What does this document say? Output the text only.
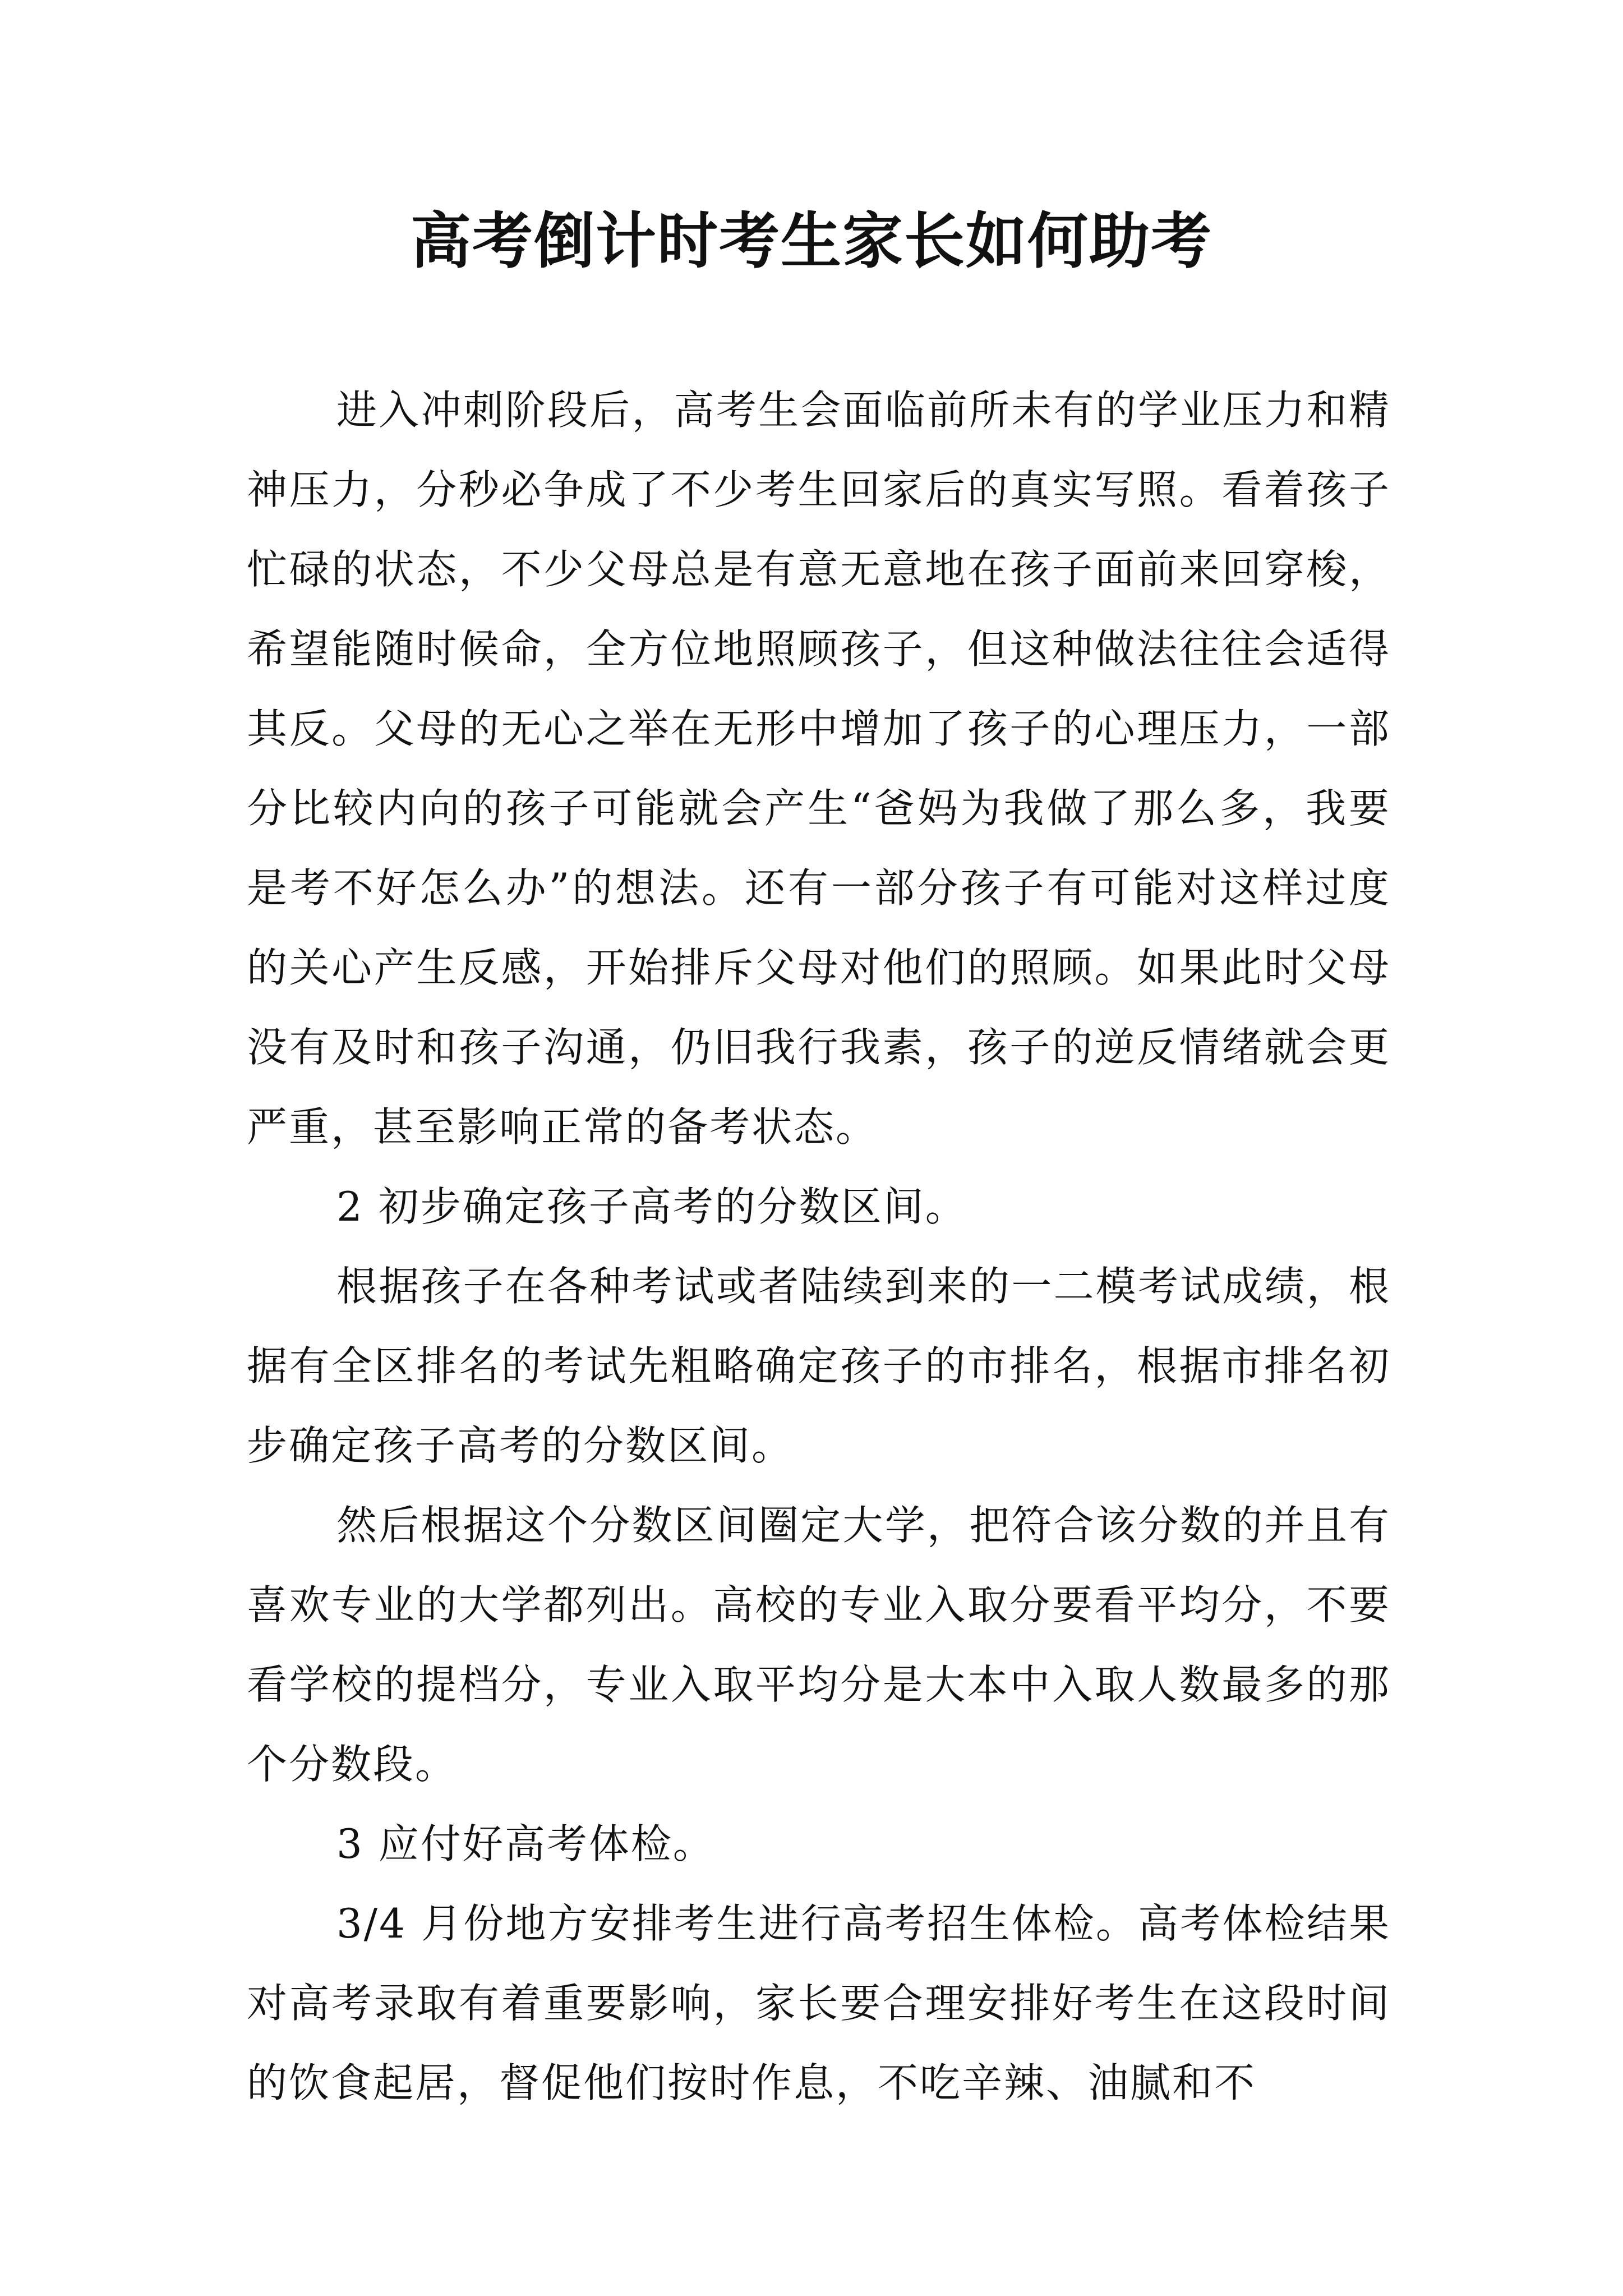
高考倒计时考生家长如何助考

进入冲刺阶段后，高考生会面临前所未有的学业压力和精神压力，分秒必争成了不少考生回家后的真实写照。看着孩子忙碌的状态，不少父母总是有意无意地在孩子面前来回穿梭，希望能随时候命，全方位地照顾孩子，但这种做法往往会适得其反。父母的无心之举在无形中增加了孩子的心理压力，一部分比较内向的孩子可能就会产生“爸妈为我做了那么多，我要是考不好怎么办”的想法。还有一部分孩子有可能对这样过度的关心产生反感，开始排斥父母对他们的照顾。如果此时父母没有及时和孩子沟通，仍旧我行我素，孩子的逆反情绪就会更严重，甚至影响正常的备考状态。

2 初步确定孩子高考的分数区间。

根据孩子在各种考试或者陆续到来的一二模考试成绩，根据有全区排名的考试先粗略确定孩子的市排名，根据市排名初步确定孩子高考的分数区间。

然后根据这个分数区间圈定大学，把符合该分数的并且有喜欢专业的大学都列出。高校的专业入取分要看平均分，不要看学校的提档分，专业入取平均分是大本中入取人数最多的那个分数段。

3 应付好高考体检。

3/4 月份地方安排考生进行高考招生体检。高考体检结果对高考录取有着重要影响，家长要合理安排好考生在这段时间的饮食起居，督促他们按时作息，不吃辛辣、油腻和不
